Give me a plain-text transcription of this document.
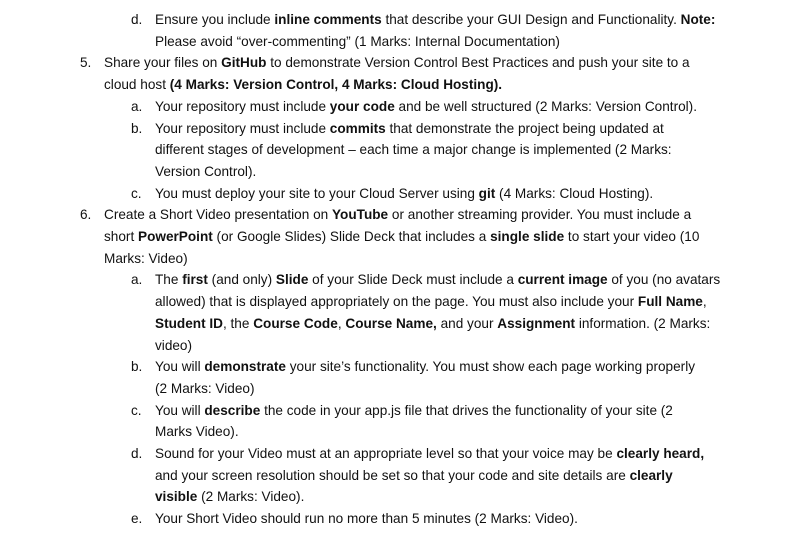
d. Ensure you include inline comments that describe your GUI Design and Functionality. Note:
Please avoid “over-commenting” (1 Marks: Internal Documentation)
5. Share your files on GitHub to demonstrate Version Control Best Practices and push your site to a
cloud host (4 Marks: Version Control, 4 Marks: Cloud Hosting).
a. Your repository must include your code and be well structured (2 Marks: Version Control).
b. Your repository must include commits that demonstrate the project being updated at
different stages of development – each time a major change is implemented (2 Marks:
Version Control).
c. You must deploy your site to your Cloud Server using git (4 Marks: Cloud Hosting).
6. Create a Short Video presentation on YouTube or another streaming provider. You must include a
short PowerPoint (or Google Slides) Slide Deck that includes a single slide to start your video (10
Marks: Video)
a. The first (and only) Slide of your Slide Deck must include a current image of you (no avatars
allowed) that is displayed appropriately on the page. You must also include your Full Name,
Student ID, the Course Code, Course Name, and your Assignment information. (2 Marks:
video)
b. You will demonstrate your site’s functionality. You must show each page working properly
(2 Marks: Video)
c. You will describe the code in your app.js file that drives the functionality of your site (2
Marks Video).
d. Sound for your Video must at an appropriate level so that your voice may be clearly heard,
and your screen resolution should be set so that your code and site details are clearly
visible (2 Marks: Video).
e. Your Short Video should run no more than 5 minutes (2 Marks: Video).
